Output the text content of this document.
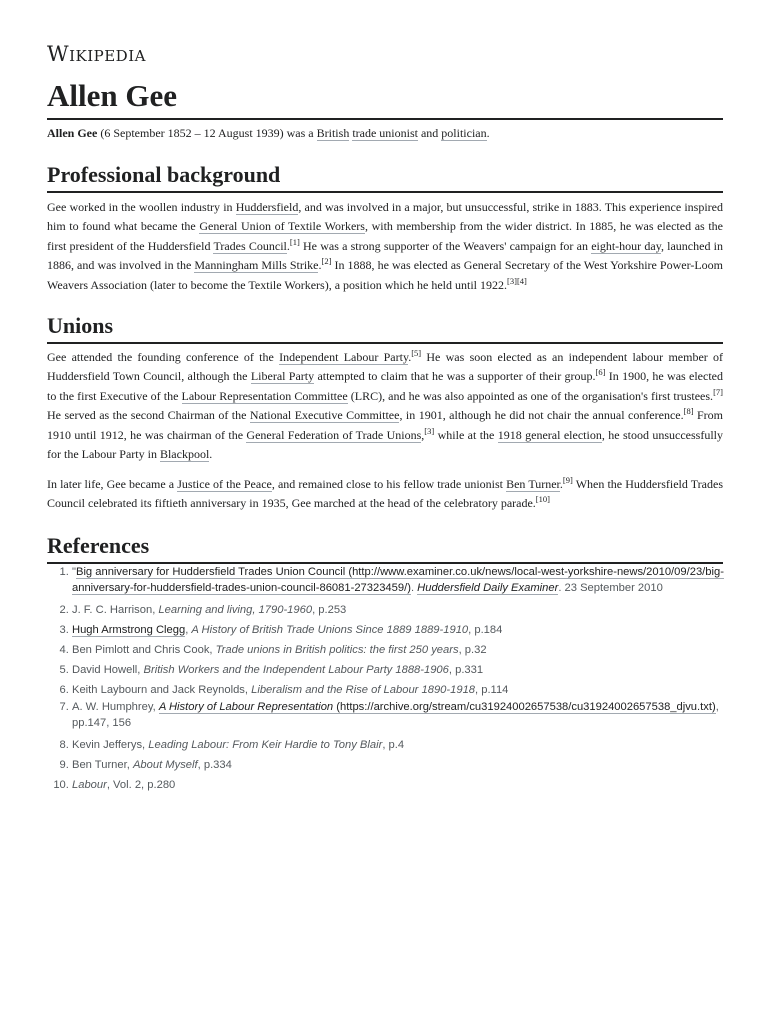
Wikipedia
Allen Gee
Allen Gee (6 September 1852 – 12 August 1939) was a British trade unionist and politician.
Professional background

Gee worked in the woollen industry in Huddersfield, and was involved in a major, but unsuccessful, strike in 1883. This experience inspired him to found what became the General Union of Textile Workers, with membership from the wider district. In 1885, he was elected as the first president of the Huddersfield Trades Council.[1] He was a strong supporter of the Weavers' campaign for an eight-hour day, launched in 1886, and was involved in the Manningham Mills Strike.[2] In 1888, he was elected as General Secretary of the West Yorkshire Power-Loom Weavers Association (later to become the Textile Workers), a position which he held until 1922.[3][4]

Unions

Gee attended the founding conference of the Independent Labour Party.[5] He was soon elected as an independent labour member of Huddersfield Town Council, although the Liberal Party attempted to claim that he was a supporter of their group.[6] In 1900, he was elected to the first Executive of the Labour Representation Committee (LRC), and he was also appointed as one of the organisation's first trustees.[7] He served as the second Chairman of the National Executive Committee, in 1901, although he did not chair the annual conference.[8] From 1910 until 1912, he was chairman of the General Federation of Trade Unions,[3] while at the 1918 general election, he stood unsuccessfully for the Labour Party in Blackpool.

In later life, Gee became a Justice of the Peace, and remained close to his fellow trade unionist Ben Turner.[9] When the Huddersfield Trades Council celebrated its fiftieth anniversary in 1935, Gee marched at the head of the celebratory parade.[10]

References
1. "Big anniversary for Huddersfield Trades Union Council (http://www.examiner.co.uk/news/local-west-yorkshire-news/2010/09/23/big-anniversary-for-huddersfield-trades-union-council-86081-27323459/). Huddersfield Daily Examiner. 23 September 2010
2. J. F. C. Harrison, Learning and living, 1790-1960, p.253
3. Hugh Armstrong Clegg, A History of British Trade Unions Since 1889 1889-1910, p.184
4. Ben Pimlott and Chris Cook, Trade unions in British politics: the first 250 years, p.32
5. David Howell, British Workers and the Independent Labour Party 1888-1906, p.331
6. Keith Laybourn and Jack Reynolds, Liberalism and the Rise of Labour 1890-1918, p.114
7. A. W. Humphrey, A History of Labour Representation (https://archive.org/stream/cu31924002657538/cu31924002657538_djvu.txt), pp.147, 156
8. Kevin Jefferys, Leading Labour: From Keir Hardie to Tony Blair, p.4
9. Ben Turner, About Myself, p.334
10. Labour, Vol. 2, p.280
